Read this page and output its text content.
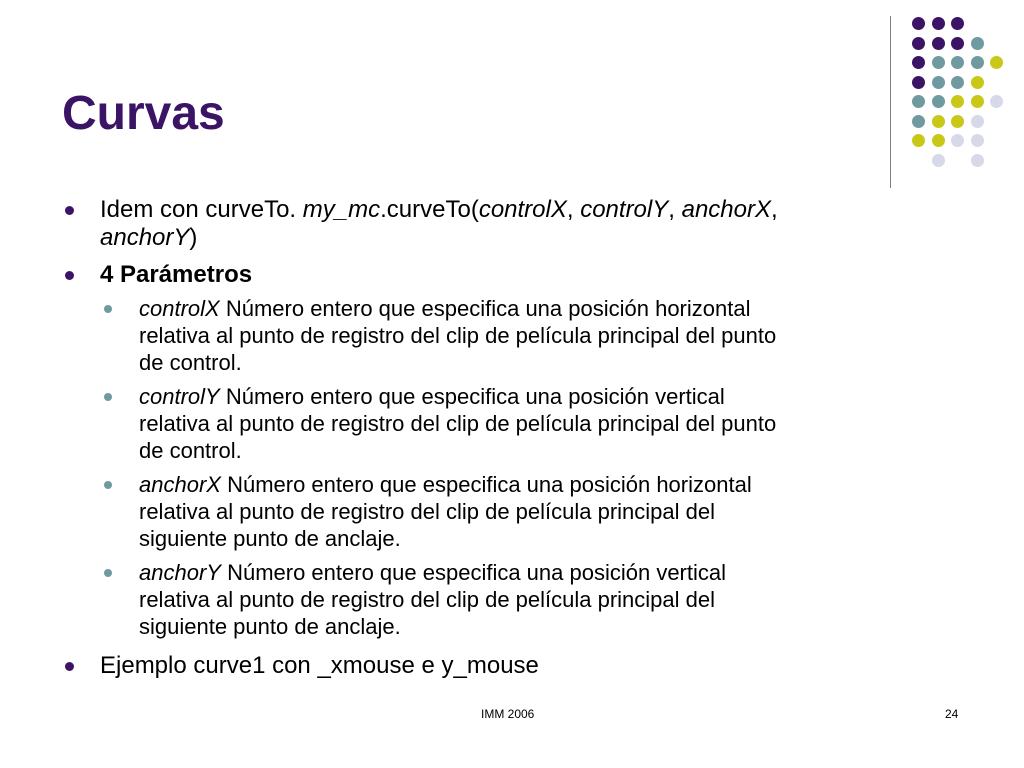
Curvas
Idem con curveTo. my_mc.curveTo(controlX, controlY, anchorX,
anchorY)
4 Parámetros
controlX Número entero que especifica una posición horizontal
relativa al punto de registro del clip de película principal del punto
de control.
controlY Número entero que especifica una posición vertical
relativa al punto de registro del clip de película principal del punto
de control.
anchorX Número entero que especifica una posición horizontal
relativa al punto de registro del clip de película principal del
siguiente punto de anclaje.
anchorY Número entero que especifica una posición vertical
relativa al punto de registro del clip de película principal del
siguiente punto de anclaje.
Ejemplo curve1 con _xmouse e y_mouse
IMM 2006	24
